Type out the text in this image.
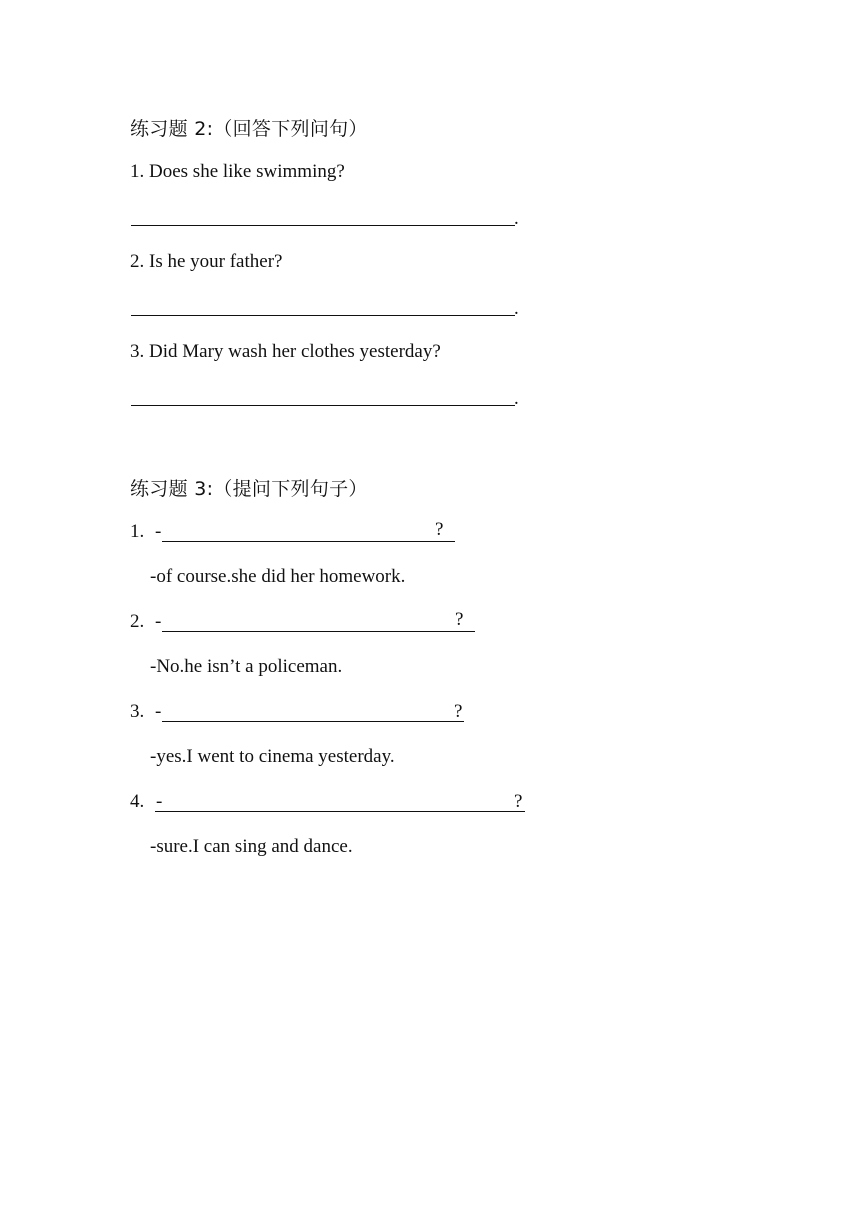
练习题 2:（回答下列问句）
1. Does she like swimming?
.
2. Is he your father?
.
3. Did Mary wash her clothes yesterday?
.
练习题 3:（提问下列句子）
1. -	?
-of course.she did her homework.
2. -	?
-No.he isn’t a policeman.
3. -	?
-yes.I went to cinema yesterday.
4. -	?
-sure.I can sing and dance.
